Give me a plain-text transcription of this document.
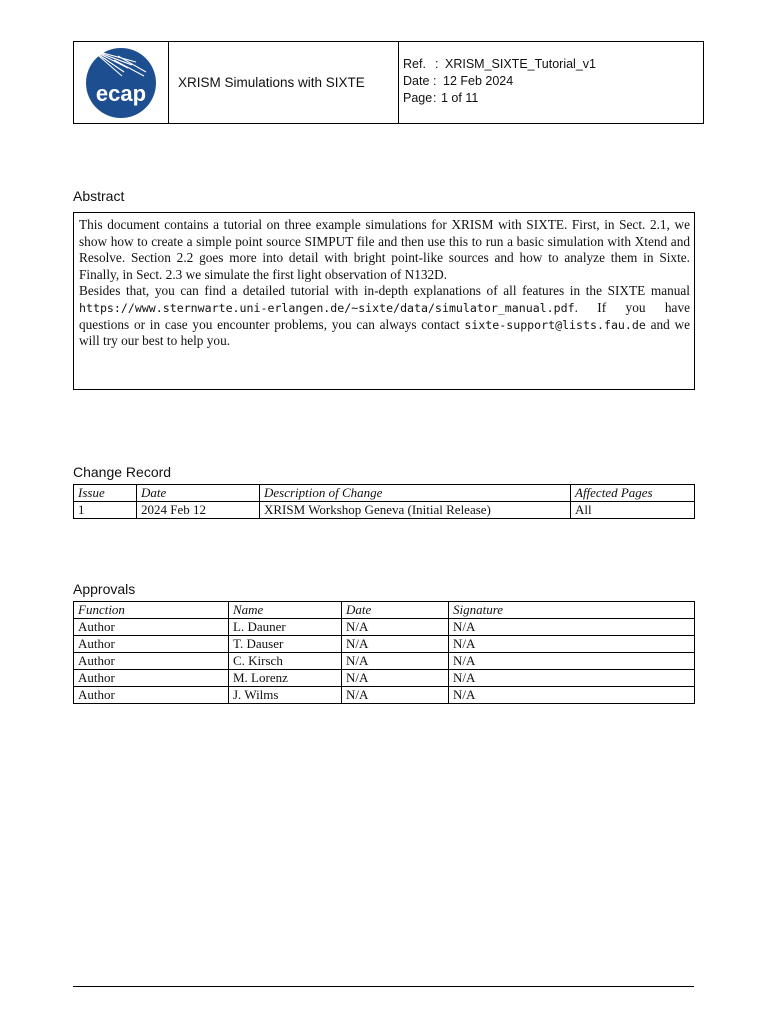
ecap	XRISM Simulations with SIXTE
Ref. : XRISM_SIXTE_Tutorial_v1
Date : 12 Feb 2024
Page : 1 of 11
Abstract

This document contains a tutorial on three example simulations for XRISM with SIXTE. First, in Sect. 2.1, we show how to create a simple point source SIMPUT file and then use this to run a basic simulation with Xtend and Resolve. Section 2.2 goes more into detail with bright point-like sources and how to analyze them in Sixte. Finally, in Sect. 2.3 we simulate the first light observation of N132D.

Besides that, you can find a detailed tutorial with in-depth explanations of all features in the SIXTE manual https://www.sternwarte.uni-erlangen.de/~sixte/data/simulator_manual.pdf. If you have questions or in case you encounter problems, you can always contact sixte-support@lists.fau.de and we will try our best to help you.

Change Record
Issue	Date	Description of Change	Affected Pages
1	2024 Feb 12	XRISM Workshop Geneva (Initial Release)	All
Approvals
Function	Name	Date	Signature
Author	L. Dauner	N/A	N/A
Author	T. Dauser	N/A	N/A
Author	C. Kirsch	N/A	N/A
Author	M. Lorenz	N/A	N/A
Author	J. Wilms	N/A	N/A
